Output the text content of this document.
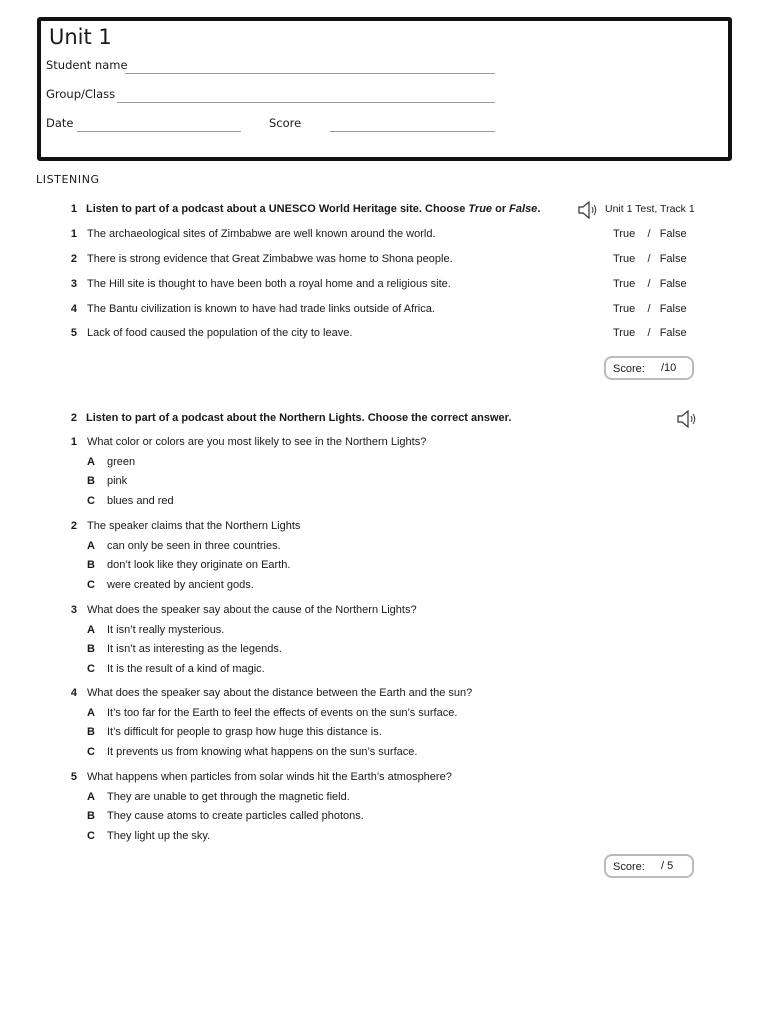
Unit 1
Student name
Group/Class
Date	Score
LISTENING
1 Listen to part of a podcast about a UNESCO World Heritage site. Choose True or False.	Unit 1 Test, Track 1
1 The archaeological sites of Zimbabwe are well known around the world.	True / False
2 There is strong evidence that Great Zimbabwe was home to Shona people.	True / False
3 The Hill site is thought to have been both a royal home and a religious site.	True / False
4 The Bantu civilization is known to have had trade links outside of Africa.	True / False
5 Lack of food caused the population of the city to leave.	True / False
Score: /10
2 Listen to part of a podcast about the Northern Lights. Choose the correct answer.
1 What color or colors are you most likely to see in the Northern Lights?
A	green
B	pink
C	blues and red
2 The speaker claims that the Northern Lights
A	can only be seen in three countries.
B	don’t look like they originate on Earth.
C	were created by ancient gods.
3 What does the speaker say about the cause of the Northern Lights?
A	It isn’t really mysterious.
B	It isn’t as interesting as the legends.
C	It is the result of a kind of magic.
4 What does the speaker say about the distance between the Earth and the sun?
A	It’s too far for the Earth to feel the effects of events on the sun’s surface.
B	It’s difficult for people to grasp how huge this distance is.
C	It prevents us from knowing what happens on the sun’s surface.
5 What happens when particles from solar winds hit the Earth’s atmosphere?
A	They are unable to get through the magnetic field.
B	They cause atoms to create particles called photons.
C	They light up the sky.
Score: / 5
